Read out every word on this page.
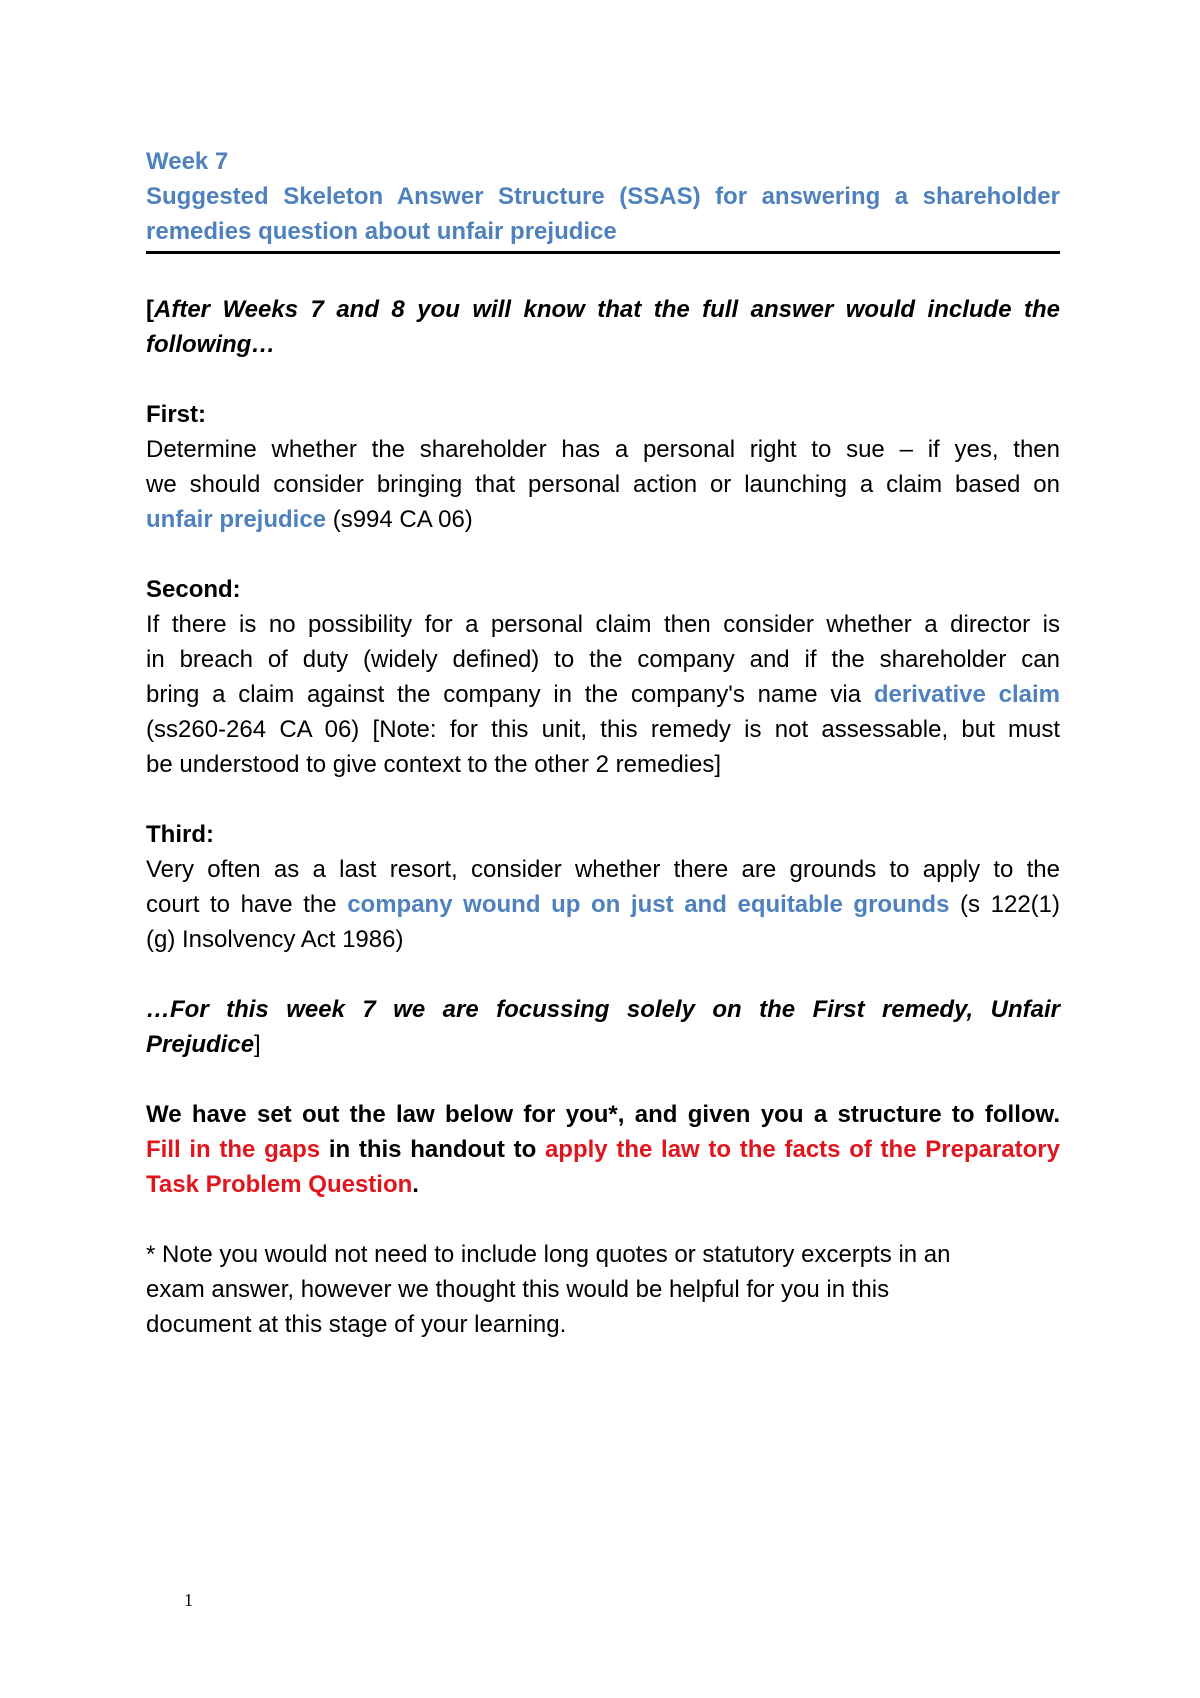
Week 7

Suggested Skeleton Answer Structure (SSAS) for answering a shareholder

remedies question about unfair prejudice

[After Weeks 7 and 8 you will know that the full answer would include the

following…

First:

Determine whether the shareholder has a personal right to sue – if yes, then

we should consider bringing that personal action or launching a claim based on

unfair prejudice (s994 CA 06)

Second:

If there is no possibility for a personal claim then consider whether a director is

in breach of duty (widely defined) to the company and if the shareholder can

bring a claim against the company in the company's name via derivative claim

(ss260-264 CA 06) [Note: for this unit, this remedy is not assessable, but must

be understood to give context to the other 2 remedies]

Third:

Very often as a last resort, consider whether there are grounds to apply to the

court to have the company wound up on just and equitable grounds (s 122(1)

(g) Insolvency Act 1986)

…For this week 7 we are focussing solely on the First remedy, Unfair

Prejudice]

We have set out the law below for you*, and given you a structure to follow.

Fill in the gaps in this handout to apply the law to the facts of the Preparatory

Task Problem Question.

* Note you would not need to include long quotes or statutory excerpts in an

exam answer, however we thought this would be helpful for you in this

document at this stage of your learning.

1
